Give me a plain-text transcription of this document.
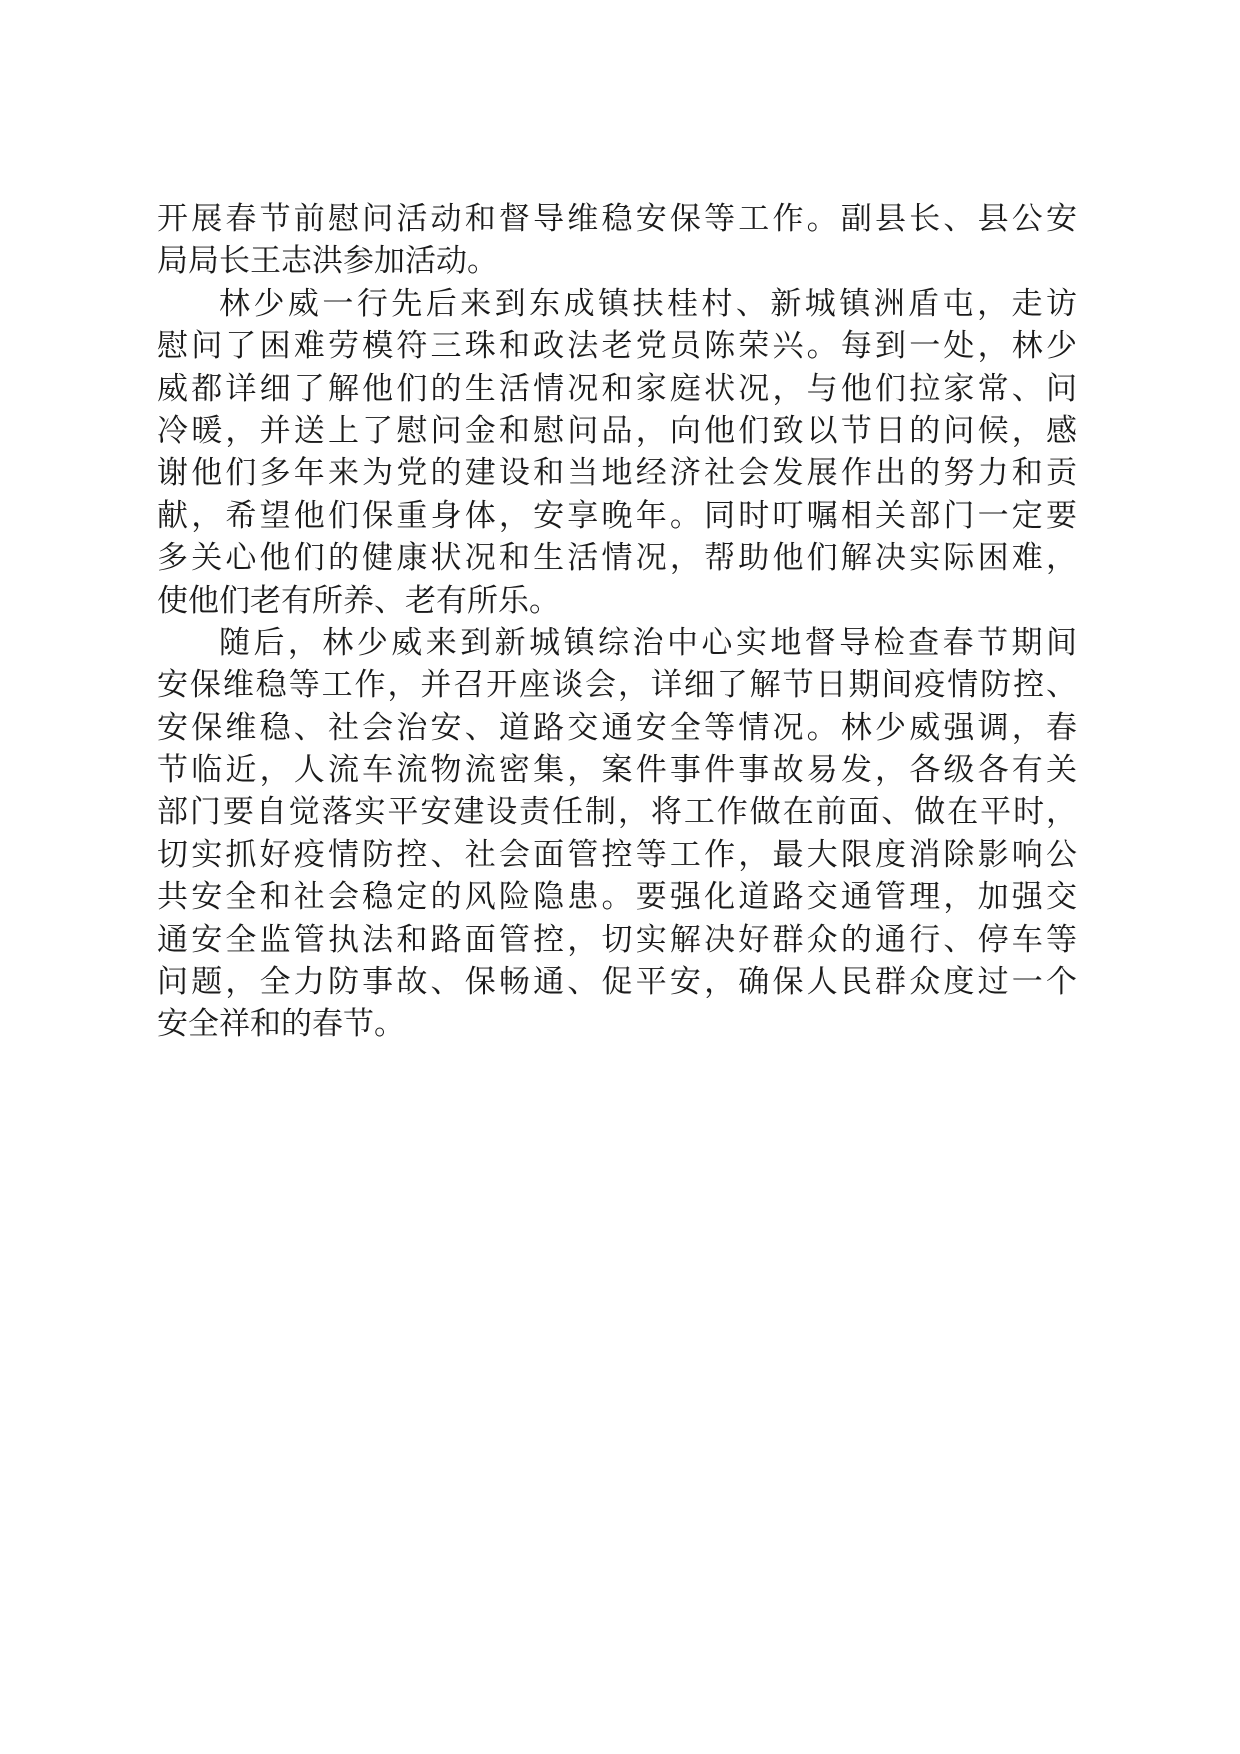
开展春节前慰问活动和督导维稳安保等工作。副县长、县公安
局局长王志洪参加活动。
林少威一行先后来到东成镇扶桂村、新城镇洲盾屯，走访
慰问了困难劳模符三珠和政法老党员陈荣兴。每到一处，林少
威都详细了解他们的生活情况和家庭状况，与他们拉家常、问
冷暖，并送上了慰问金和慰问品，向他们致以节日的问候，感
谢他们多年来为党的建设和当地经济社会发展作出的努力和贡
献，希望他们保重身体，安享晚年。同时叮嘱相关部门一定要
多关心他们的健康状况和生活情况，帮助他们解决实际困难，
使他们老有所养、老有所乐。
随后，林少威来到新城镇综治中心实地督导检查春节期间
安保维稳等工作，并召开座谈会，详细了解节日期间疫情防控、
安保维稳、社会治安、道路交通安全等情况。林少威强调，春
节临近，人流车流物流密集，案件事件事故易发，各级各有关
部门要自觉落实平安建设责任制，将工作做在前面、做在平时，
切实抓好疫情防控、社会面管控等工作，最大限度消除影响公
共安全和社会稳定的风险隐患。要强化道路交通管理，加强交
通安全监管执法和路面管控，切实解决好群众的通行、停车等
问题，全力防事故、保畅通、促平安，确保人民群众度过一个
安全祥和的春节。
